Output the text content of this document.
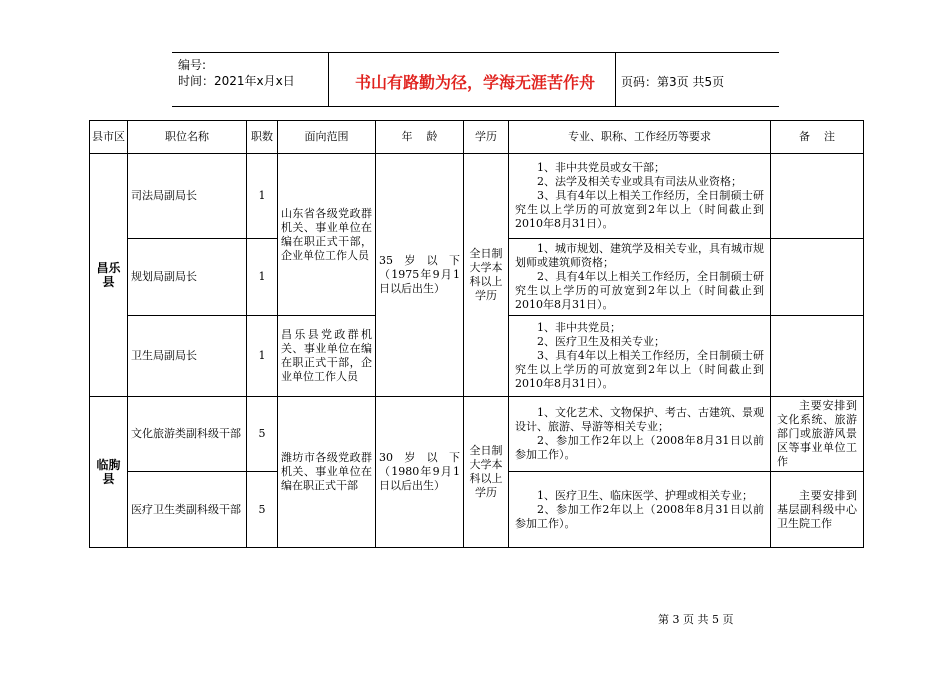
编号:
时间：2021年x月x日	书山有路勤为径，学海无涯苦作舟	页码：第3页 共5页
县市区	职位名称	职数	面向范围	年    龄	学历	专业、职称、工作经历等要求	备    注
昌乐县	司法局副局长	1	山东省各级党政群机关、事业单位在编在职正式干部，企业单位工作人员	35岁以下（1975年9月1日以后出生）	全日制大学本科以上学历	1、非中共党员或女干部；
2、法学及相关专业或具有司法从业资格；
3、具有4年以上相关工作经历，全日制硕士研究生以上学历的可放宽到2年以上（时间截止到2010年8月31日）。	

	规划局副局长	1				1、城市规划、建筑学及相关专业，具有城市规划师或建筑师资格；
2、具有4年以上相关工作经历，全日制硕士研究生以上学历的可放宽到2年以上（时间截止到2010年8月31日）。	

	卫生局副局长	1	昌乐县党政群机关、事业单位在编在职正式干部，企业单位工作人员			1、非中共党员；
2、医疗卫生及相关专业；
3、具有4年以上相关工作经历，全日制硕士研究生以上学历的可放宽到2年以上（时间截止到2010年8月31日）。	

临朐县	文化旅游类副科级干部	5	潍坊市各级党政群机关、事业单位在编在职正式干部	30岁以下（1980年9月1日以后出生）	全日制大学本科以上学历	1、文化艺术、文物保护、考古、古建筑、景观设计、旅游、导游等相关专业；
2、参加工作2年以上（2008年8月31日以前参加工作）。	主要安排到文化系统、旅游部门或旅游风景区等事业单位工作

	医疗卫生类副科级干部	5				1、医疗卫生、临床医学、护理或相关专业；
2、参加工作2年以上（2008年8月31日以前参加工作）。	主要安排到基层副科级中心卫生院工作
第 3 页 共 5 页
